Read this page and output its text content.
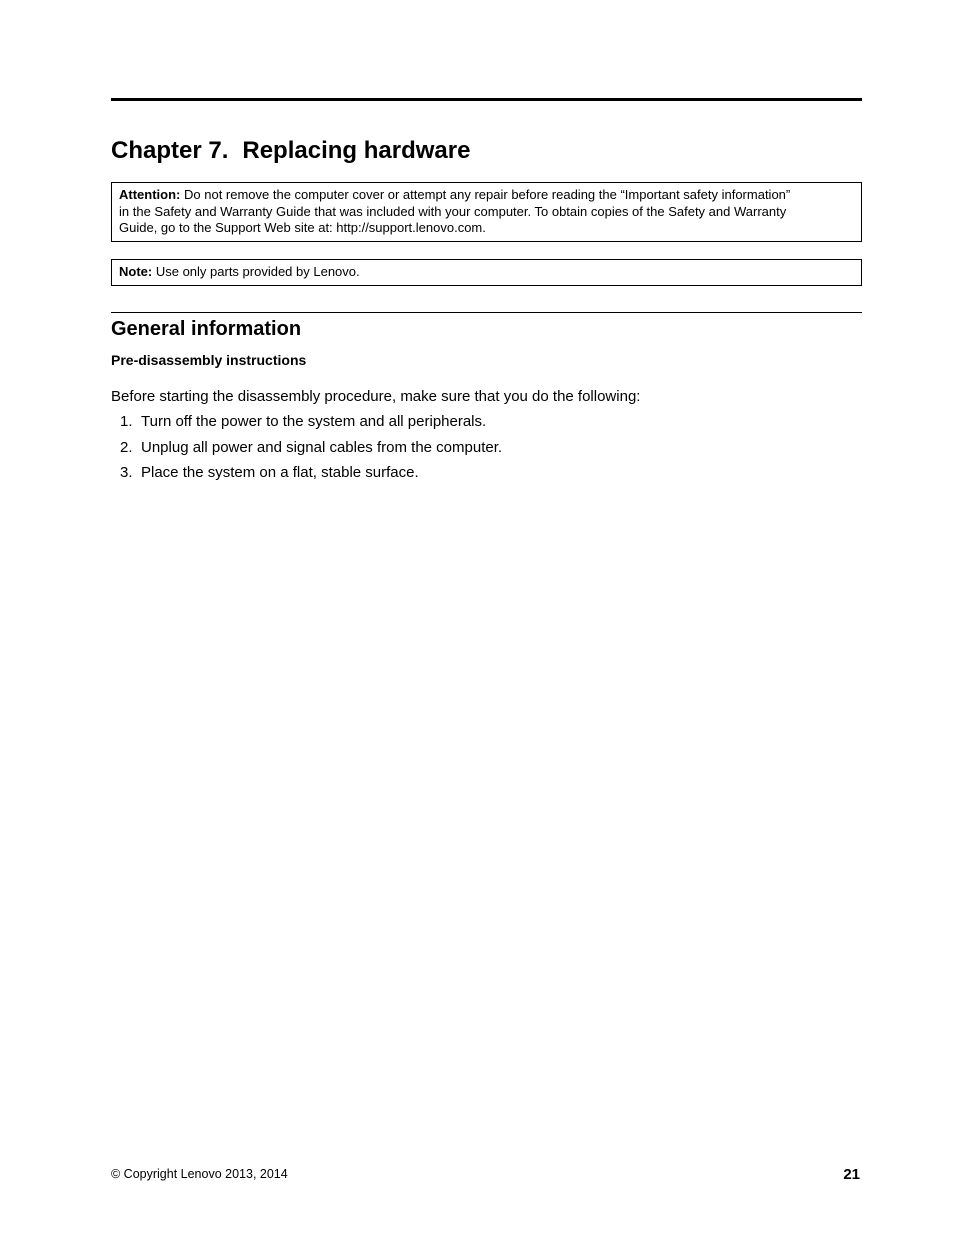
Chapter 7. Replacing hardware
Attention: Do not remove the computer cover or attempt any repair before reading the “Important safety information”
in the Safety and Warranty Guide that was included with your computer. To obtain copies of the Safety and Warranty
Guide, go to the Support Web site at: http://support.lenovo.com.
Note: Use only parts provided by Lenovo.
General information
Pre-disassembly instructions

Before starting the disassembly procedure, make sure that you do the following:

1. Turn off the power to the system and all peripherals.
2. Unplug all power and signal cables from the computer.
3. Place the system on a flat, stable surface.
© Copyright Lenovo 2013, 2014	21
